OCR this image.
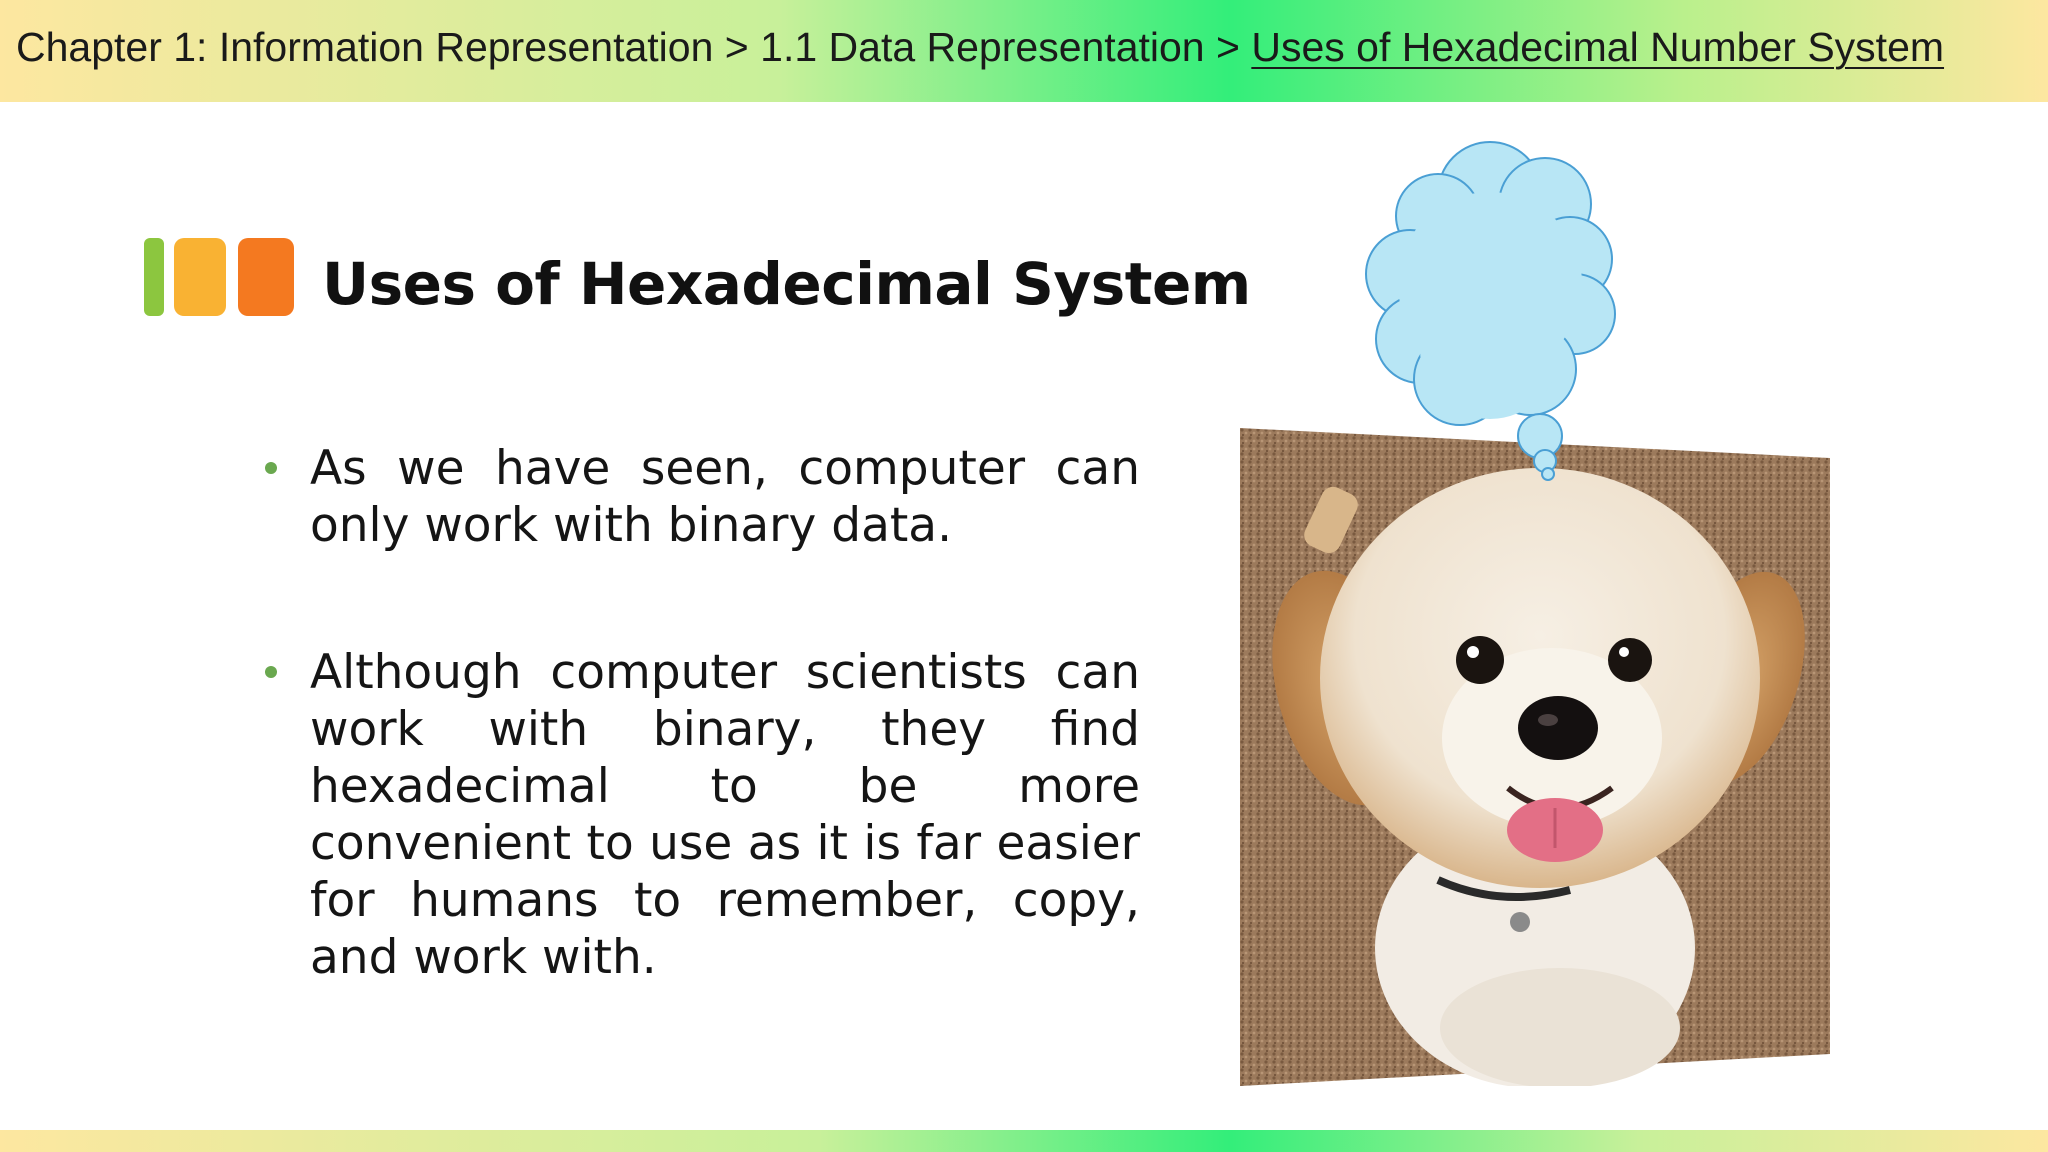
Chapter 1: Information Representation > 1.1 Data Representation > Uses of Hexadecimal Number System
Uses of Hexadecimal System
As we have seen, computer can only work with binary data.
Although computer scientists can work with binary, they find hexadecimal to be more convenient to use as it is far easier for humans to remember, copy, and work with.
